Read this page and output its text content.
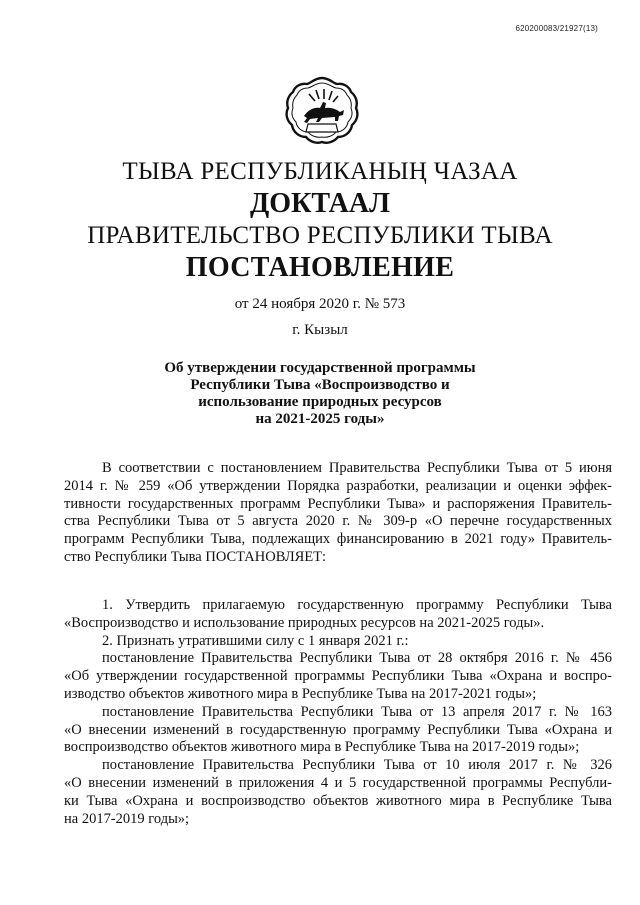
620200083/21927(13)
ТЫВА РЕСПУБЛИКАНЫҢ ЧАЗАА
ДОКТААЛ
ПРАВИТЕЛЬСТВО РЕСПУБЛИКИ ТЫВА
ПОСТАНОВЛЕНИЕ
от 24 ноября 2020 г. № 573
г. Кызыл
Об утверждении государственной программы
Республики Тыва «Воспроизводство и
использование природных ресурсов
на 2021-2025 годы»
В соответствии с постановлением Правительства Республики Тыва от 5 июня
2014 г. № 259 «Об утверждении Порядка разработки, реализации и оценки эффек-
тивности государственных программ Республики Тыва» и распоряжения Правитель-
ства Республики Тыва от 5 августа 2020 г. № 309-р «О перечне государственных
программ Республики Тыва, подлежащих финансированию в 2021 году» Правитель-
ство Республики Тыва ПОСТАНОВЛЯЕТ:
1. Утвердить прилагаемую государственную программу Республики Тыва
«Воспроизводство и использование природных ресурсов на 2021-2025 годы».
2. Признать утратившими силу с 1 января 2021 г.:
постановление Правительства Республики Тыва от 28 октября 2016 г. № 456
«Об утверждении государственной программы Республики Тыва «Охрана и воспро-
изводство объектов животного мира в Республике Тыва на 2017-2021 годы»;
постановление Правительства Республики Тыва от 13 апреля 2017 г. № 163
«О внесении изменений в государственную программу Республики Тыва «Охрана и
воспроизводство объектов животного мира в Республике Тыва на 2017-2019 годы»;
постановление Правительства Республики Тыва от 10 июля 2017 г. № 326
«О внесении изменений в приложения 4 и 5 государственной программы Республи-
ки Тыва «Охрана и воспроизводство объектов животного мира в Республике Тыва
на 2017-2019 годы»;
